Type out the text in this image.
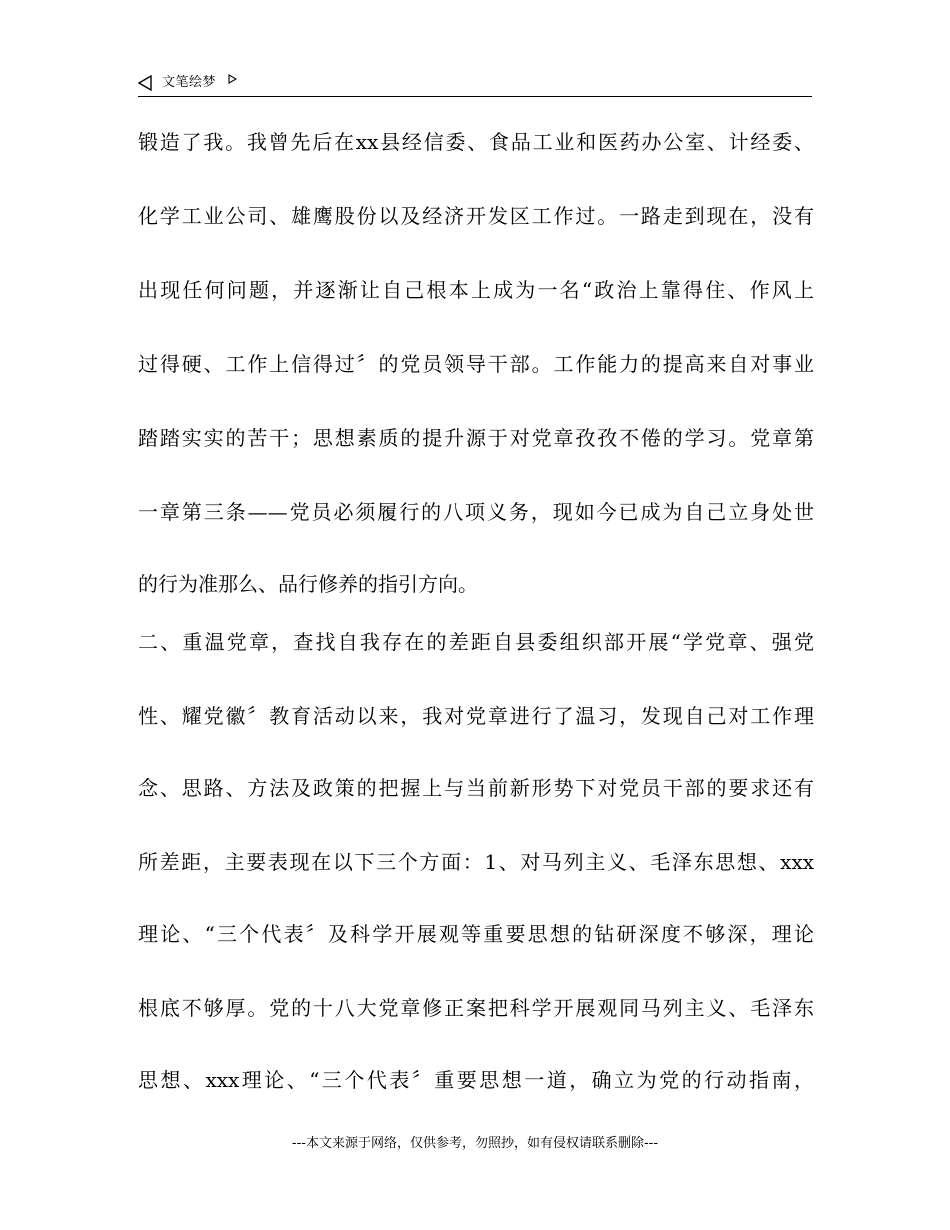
文笔绘梦
锻造了我。我曾先后在xx县经信委、食品工业和医药办公室、计经委、
化学工业公司、雄鹰股份以及经济开发区工作过。一路走到现在，没有
出现任何问题，并逐渐让自己根本上成为一名“政治上靠得住、作风上
过得硬、工作上信得过〞的党员领导干部。工作能力的提高来自对事业
踏踏实实的苦干；思想素质的提升源于对党章孜孜不倦的学习。党章第
一章第三条——党员必须履行的八项义务，现如今已成为自己立身处世
的行为准那么、品行修养的指引方向。
二、重温党章，查找自我存在的差距自县委组织部开展“学党章、强党
性、耀党徽〞教育活动以来，我对党章进行了温习，发现自己对工作理
念、思路、方法及政策的把握上与当前新形势下对党员干部的要求还有
所差距，主要表现在以下三个方面：1、对马列主义、毛泽东思想、xxx
理论、“三个代表〞及科学开展观等重要思想的钻研深度不够深，理论
根底不够厚。党的十八大党章修正案把科学开展观同马列主义、毛泽东
思想、xxx理论、“三个代表〞重要思想一道，确立为党的行动指南，
---本文来源于网络，仅供参考，勿照抄，如有侵权请联系删除---
